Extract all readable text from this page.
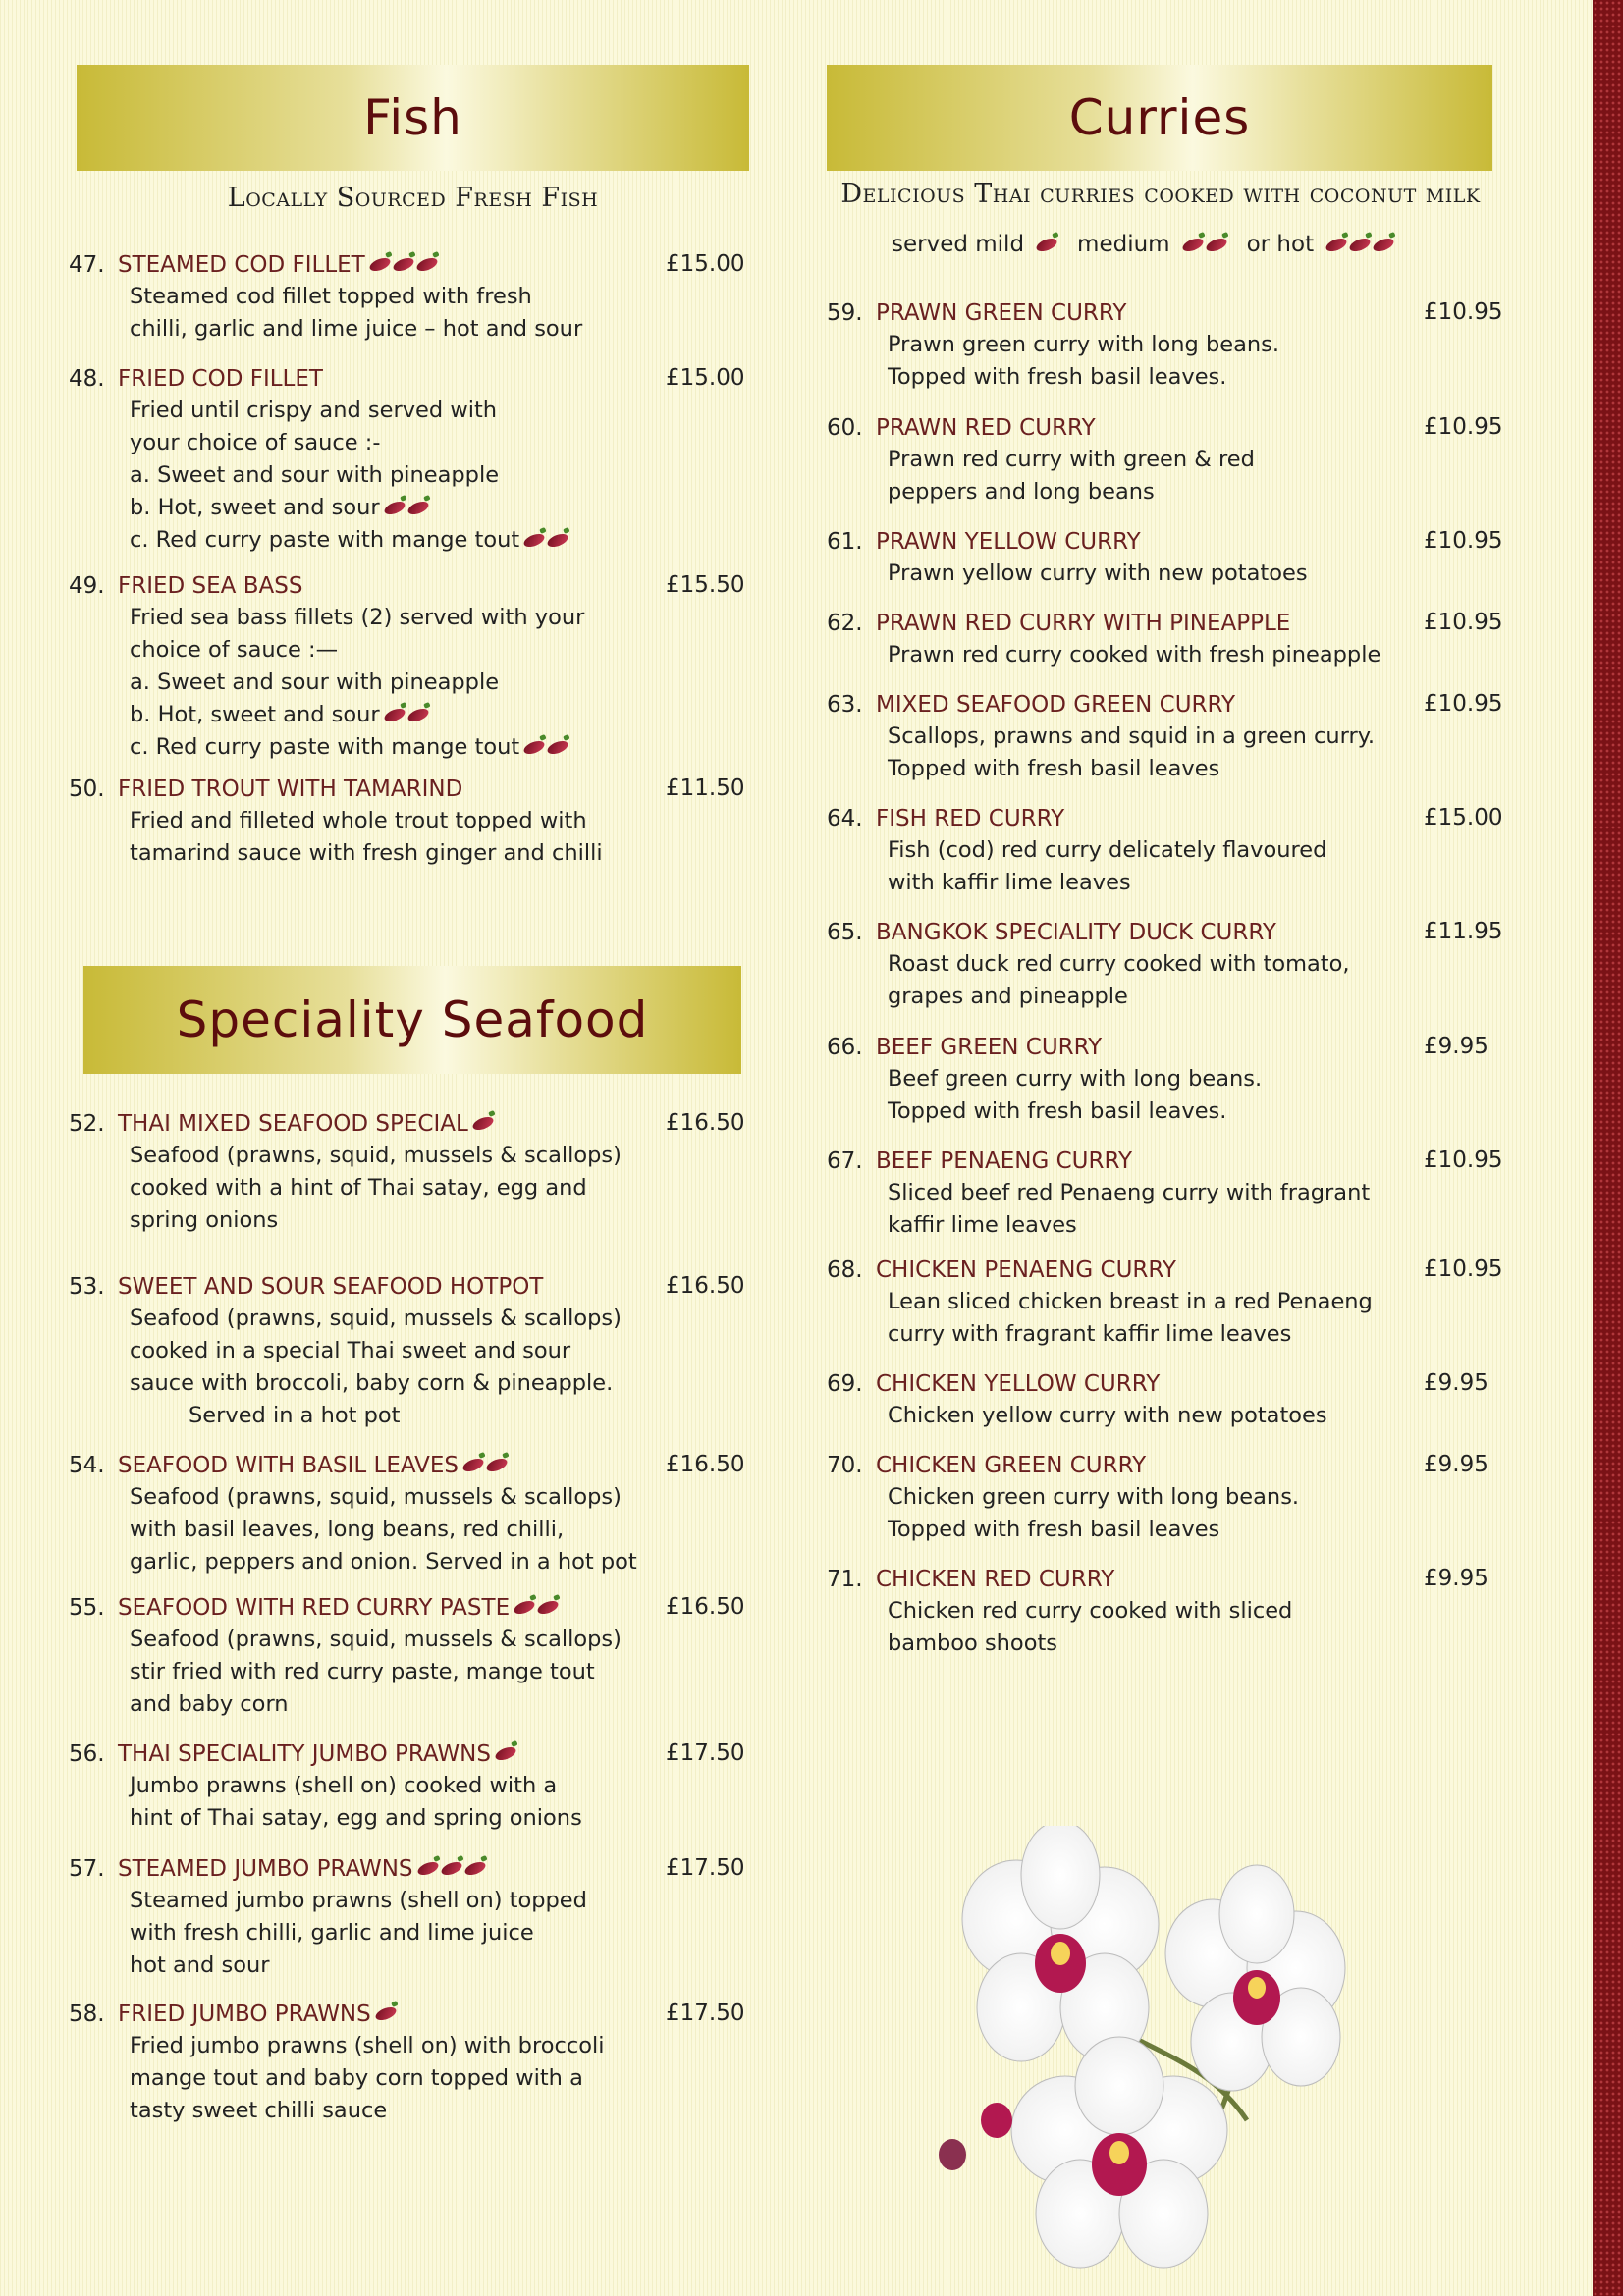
Fish
Locally Sourced Fresh Fish
47. STEAMED COD FILLET	£15.00
Steamed cod fillet topped with fresh
chilli, garlic and lime juice – hot and sour
48. FRIED COD FILLET	£15.00
Fried until crispy and served with
your choice of sauce :-
a. Sweet and sour with pineapple
b. Hot, sweet and sour
c. Red curry paste with mange tout
49. FRIED SEA BASS	£15.50
Fried sea bass fillets (2) served with your
choice of sauce :—
a. Sweet and sour with pineapple
b. Hot, sweet and sour
c. Red curry paste with mange tout
50. FRIED TROUT WITH TAMARIND	£11.50
Fried and filleted whole trout topped with
tamarind sauce with fresh ginger and chilli
Speciality Seafood
52. THAI MIXED SEAFOOD SPECIAL	£16.50
Seafood (prawns, squid, mussels & scallops)
cooked with a hint of Thai satay, egg and
spring onions
53. SWEET AND SOUR SEAFOOD HOTPOT	£16.50
Seafood (prawns, squid, mussels & scallops)
cooked in a special Thai sweet and sour
sauce with broccoli, baby corn & pineapple.
Served in a hot pot
54. SEAFOOD WITH BASIL LEAVES	£16.50
Seafood (prawns, squid, mussels & scallops)
with basil leaves, long beans, red chilli,
garlic, peppers and onion. Served in a hot pot
55. SEAFOOD WITH RED CURRY PASTE	£16.50
Seafood (prawns, squid, mussels & scallops)
stir fried with red curry paste, mange tout
and baby corn
56. THAI SPECIALITY JUMBO PRAWNS	£17.50
Jumbo prawns (shell on) cooked with a
hint of Thai satay, egg and spring onions
57. STEAMED JUMBO PRAWNS	£17.50
Steamed jumbo prawns (shell on) topped
with fresh chilli, garlic and lime juice
hot and sour
58. FRIED JUMBO PRAWNS	£17.50
Fried jumbo prawns (shell on) with broccoli
mange tout and baby corn topped with a
tasty sweet chilli sauce
Curries
Delicious Thai curries cooked with coconut milk
served mild medium	or hot
59. PRAWN GREEN CURRY	£10.95
Prawn green curry with long beans.
Topped with fresh basil leaves.
60. PRAWN RED CURRY	£10.95
Prawn red curry with green & red
peppers and long beans
61. PRAWN YELLOW CURRY	£10.95
Prawn yellow curry with new potatoes
62. PRAWN RED CURRY WITH PINEAPPLE	£10.95
Prawn red curry cooked with fresh pineapple
63. MIXED SEAFOOD GREEN CURRY	£10.95
Scallops, prawns and squid in a green curry.
Topped with fresh basil leaves
64. FISH RED CURRY	£15.00
Fish (cod) red curry delicately flavoured
with kaffir lime leaves
65. BANGKOK SPECIALITY DUCK CURRY	£11.95
Roast duck red curry cooked with tomato,
grapes and pineapple
66. BEEF GREEN CURRY	£9.95
Beef green curry with long beans.
Topped with fresh basil leaves.
67. BEEF PENAENG CURRY	£10.95
Sliced beef red Penaeng curry with fragrant
kaffir lime leaves
68. CHICKEN PENAENG CURRY	£10.95
Lean sliced chicken breast in a red Penaeng
curry with fragrant kaffir lime leaves
69. CHICKEN YELLOW CURRY	£9.95
Chicken yellow curry with new potatoes
70. CHICKEN GREEN CURRY	£9.95
Chicken green curry with long beans.
Topped with fresh basil leaves
71. CHICKEN RED CURRY	£9.95
Chicken red curry cooked with sliced
bamboo shoots
